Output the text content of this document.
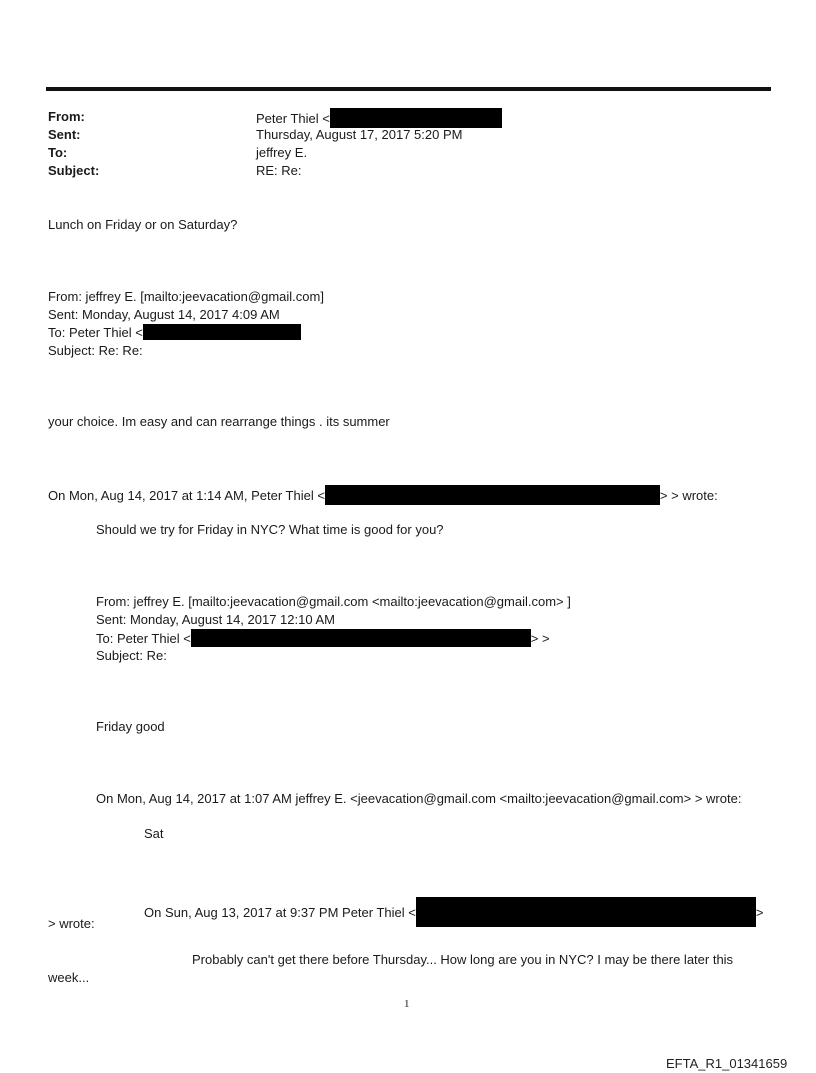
From:	Peter Thiel <
Sent:	Thursday, August 17, 2017 5:20 PM
To:	jeffrey E.
Subject:	RE: Re:
Lunch on Friday or on Saturday?
From: jeffrey E. [mailto:jeevacation@gmail.com]
Sent: Monday, August 14, 2017 4:09 AM
To: Peter Thiel <
Subject: Re: Re:
your choice. Im easy and can rearrange things . its summer
On Mon, Aug 14, 2017 at 1:14 AM, Peter Thiel <	> > wrote:
Should we try for Friday in NYC? What time is good for you?
From: jeffrey E. [mailto:jeevacation@gmail.com <mailto:jeevacation@gmail.com> ]
Sent: Monday, August 14, 2017 12:10 AM
To: Peter Thiel <	> >
Subject: Re:
Friday good
On Mon, Aug 14, 2017 at 1:07 AM jeffrey E. <jeevacation@gmail.com <mailto:jeevacation@gmail.com> > wrote:
Sat
On Sun, Aug 13, 2017 at 9:37 PM Peter Thiel <	>
> wrote:
Probably can't get there before Thursday... How long are you in NYC? I may be there later this
week...
1
EFTA_R1_01341659
